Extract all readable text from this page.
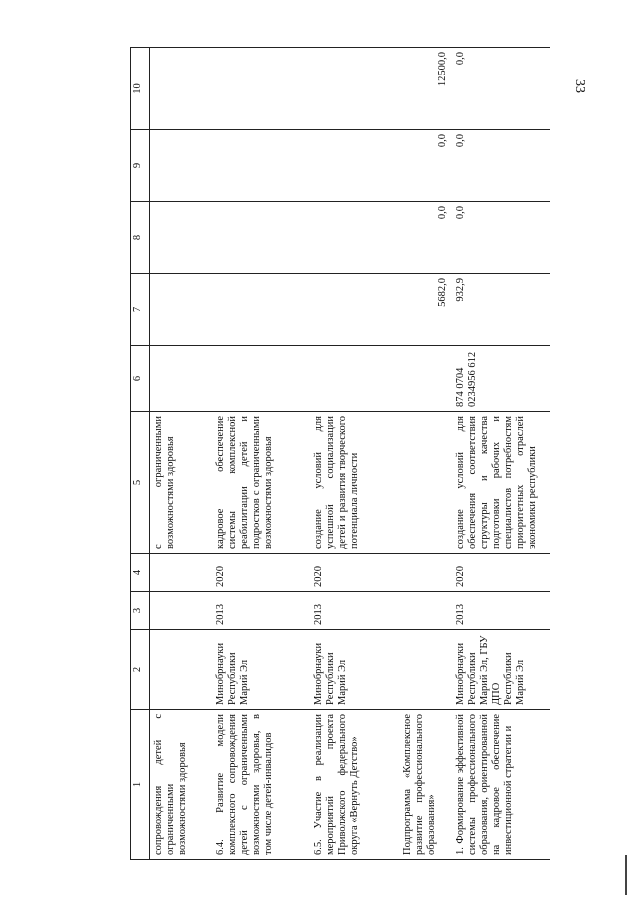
33
1	2	3	4	5	6	7	8	9	10
сопровождения детей с ограниченными возможностями здоровья				с ограниченными возможностями здоровья					
6.4. Развитие модели комплексного сопровождения детей с ограниченными возможностями здоровья, в том числе детей-инвалидов	Минобрнауки Республики Марий Эл	2013	2020	кадровое обеспечение системы комплексной реабилитации детей и подростков с ограниченными возможностями здоровья					
6.5. Участие в реализации мероприятий проекта Приволжского федерального округа «Вернуть Детство»	Минобрнауки Республики Марий Эл	2013	2020	создание условий для успешной социализации детей и развития творческого потенциала личности					
Подпрограмма «Комплексное развитие профессионального образования»						5682,0	0,0	0,0	12500,0
1. Формирование эффективной системы профессионального образования, ориентированной на кадровое обеспечение инвестиционной стратегии и	Минобрнауки Республики Марий Эл, ГБУ ДПО Республики Марий Эл	2013	2020	создание условий для обеспечения соответствия структуры и качества подготовки рабочих и специалистов потребностям приоритетных отраслей экономики республики	874 0704 0234956 612	932,9	0,0	0,0	0,0
